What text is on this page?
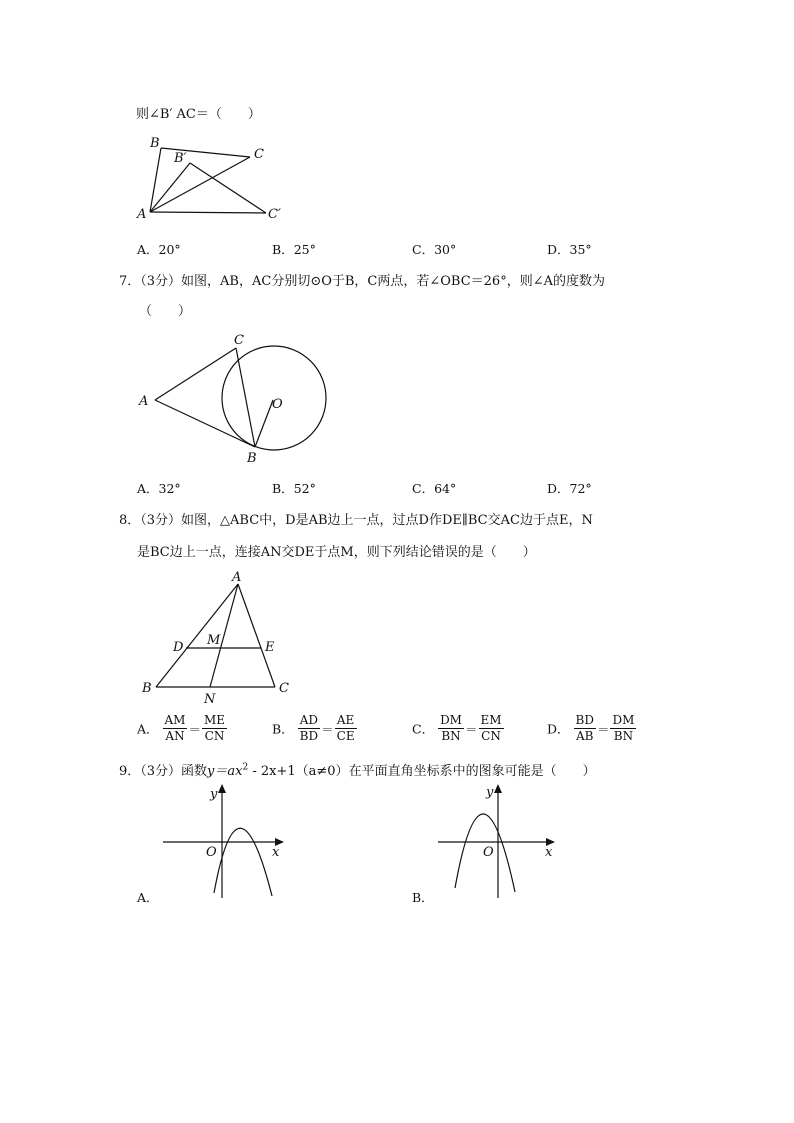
则∠B′ AC＝（　　）
B
B′	C
A	C′
A．20°	B．25°	C．30°	D．35°
7．（3分）如图，AB，AC分别切⊙O于B，C两点，若∠OBC＝26°，则∠A的度数为
（　　）
C
A	O
B
A．32°	B．52°	C．64°	D．72°
8．（3分）如图，△ABC中，D是AB边上一点，过点D作DE∥BC交AC边于点E，N
是BC边上一点，连接AN交DE于点M，则下列结论错误的是（　　）
A
D M	E
B
N
C
A． $\frac{AM}{AN} = \frac{ME}{CN}$	B． $\frac{AD}{BD} = \frac{AE}{CE}$	C． $\frac{DM}{BN} = \frac{EM}{CN}$	D． $\frac{BD}{AB} = \frac{DM}{BN}$
9．（3分）函数$y=ax^2 - 2x+1(a\ne 0)$在平面直角坐标系中的图象可能是（　　）
y
x
O
A．
y
x
O
B．
